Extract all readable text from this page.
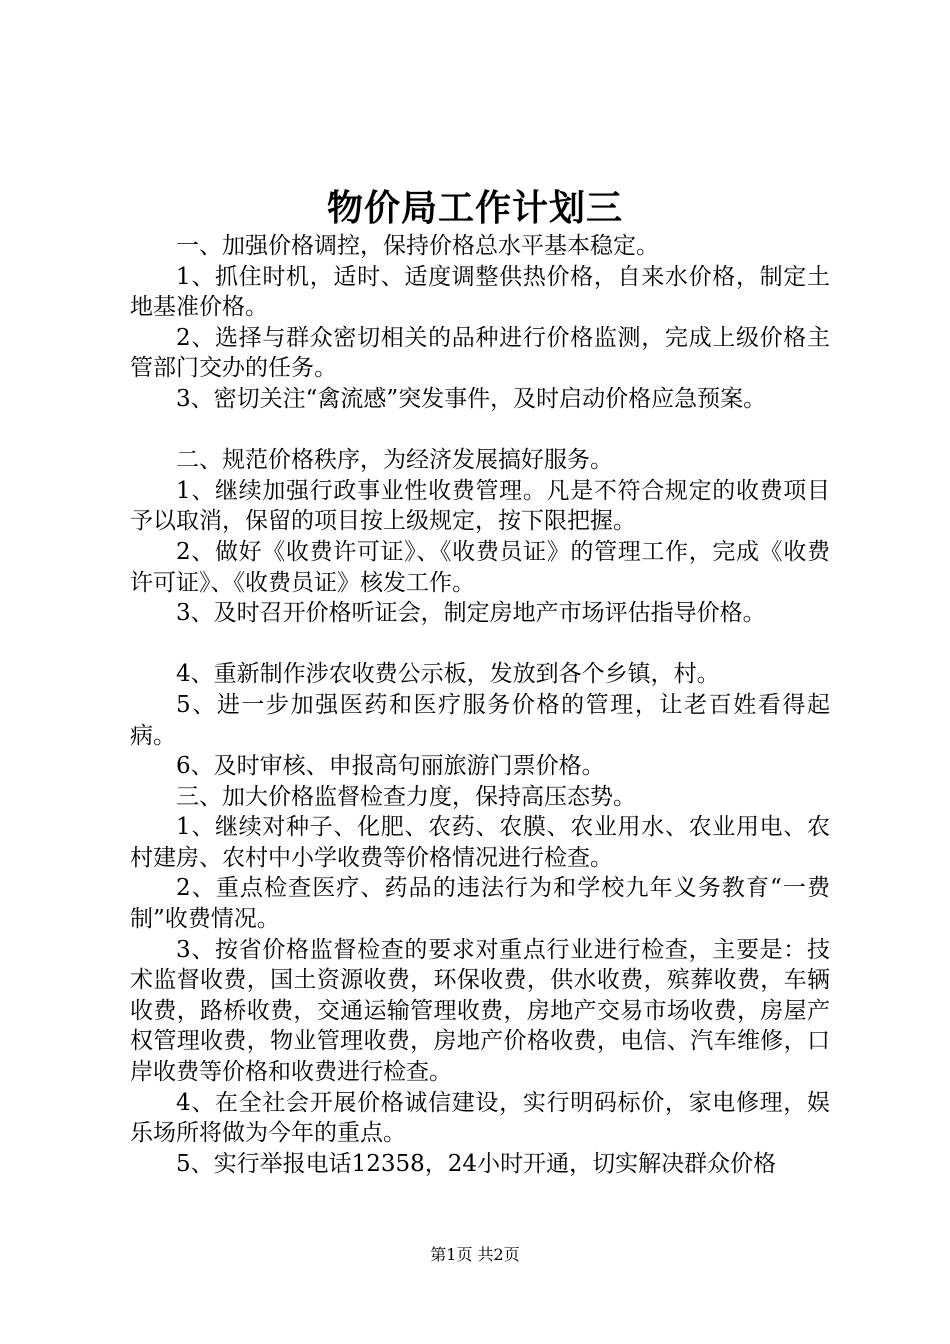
物价局工作计划三

一、加强价格调控，保持价格总水平基本稳定。

1、抓住时机，适时、适度调整供热价格，自来水价格，制定土地基准价格。

2、选择与群众密切相关的品种进行价格监测，完成上级价格主管部门交办的任务。

3、密切关注“禽流感”突发事件，及时启动价格应急预案。

二、规范价格秩序，为经济发展搞好服务。

1、继续加强行政事业性收费管理。凡是不符合规定的收费项目予以取消，保留的项目按上级规定，按下限把握。

2、做好《收费许可证》、《收费员证》的管理工作，完成《收费许可证》、《收费员证》核发工作。

3、及时召开价格听证会，制定房地产市场评估指导价格。

4、重新制作涉农收费公示板，发放到各个乡镇，村。

5、进一步加强医药和医疗服务价格的管理，让老百姓看得起病。

6、及时审核、申报高句丽旅游门票价格。

三、加大价格监督检查力度，保持高压态势。

1、继续对种子、化肥、农药、农膜、农业用水、农业用电、农村建房、农村中小学收费等价格情况进行检查。

2、重点检查医疗、药品的违法行为和学校九年义务教育“一费制”收费情况。

3、按省价格监督检查的要求对重点行业进行检查，主要是：技术监督收费，国土资源收费，环保收费，供水收费，殡葬收费，车辆收费，路桥收费，交通运输管理收费，房地产交易市场收费，房屋产权管理收费，物业管理收费，房地产价格收费，电信、汽车维修，口岸收费等价格和收费进行检查。

4、在全社会开展价格诚信建设，实行明码标价，家电修理，娱乐场所将做为今年的重点。

5、实行举报电话12358，24小时开通，切实解决群众价格

第1页 共2页
